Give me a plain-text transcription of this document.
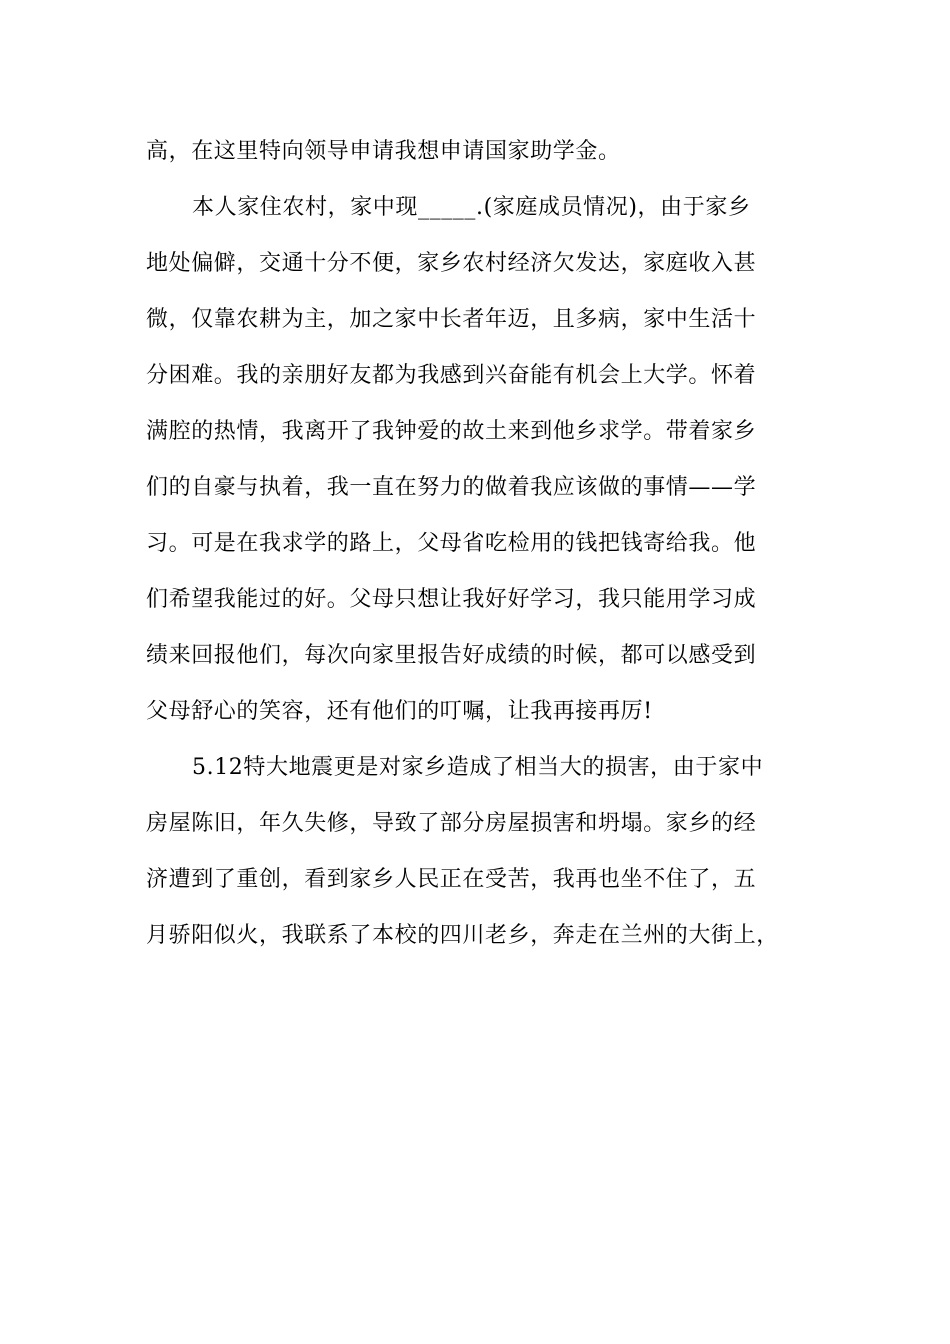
高，在这里特向领导申请我想申请国家助学金。
本人家住农村，家中现_____.(家庭成员情况)，由于家乡
地处偏僻，交通十分不便，家乡农村经济欠发达，家庭收入甚
微，仅靠农耕为主，加之家中长者年迈，且多病，家中生活十
分困难。我的亲朋好友都为我感到兴奋能有机会上大学。怀着
满腔的热情，我离开了我钟爱的故土来到他乡求学。带着家乡
们的自豪与执着，我一直在努力的做着我应该做的事情——学
习。可是在我求学的路上，父母省吃检用的钱把钱寄给我。他
们希望我能过的好。父母只想让我好好学习，我只能用学习成
绩来回报他们，每次向家里报告好成绩的时候，都可以感受到
父母舒心的笑容，还有他们的叮嘱，让我再接再厉!
5.12特大地震更是对家乡造成了相当大的损害，由于家中
房屋陈旧，年久失修，导致了部分房屋损害和坍塌。家乡的经
济遭到了重创，看到家乡人民正在受苦，我再也坐不住了，五
月骄阳似火，我联系了本校的四川老乡，奔走在兰州的大街上，
